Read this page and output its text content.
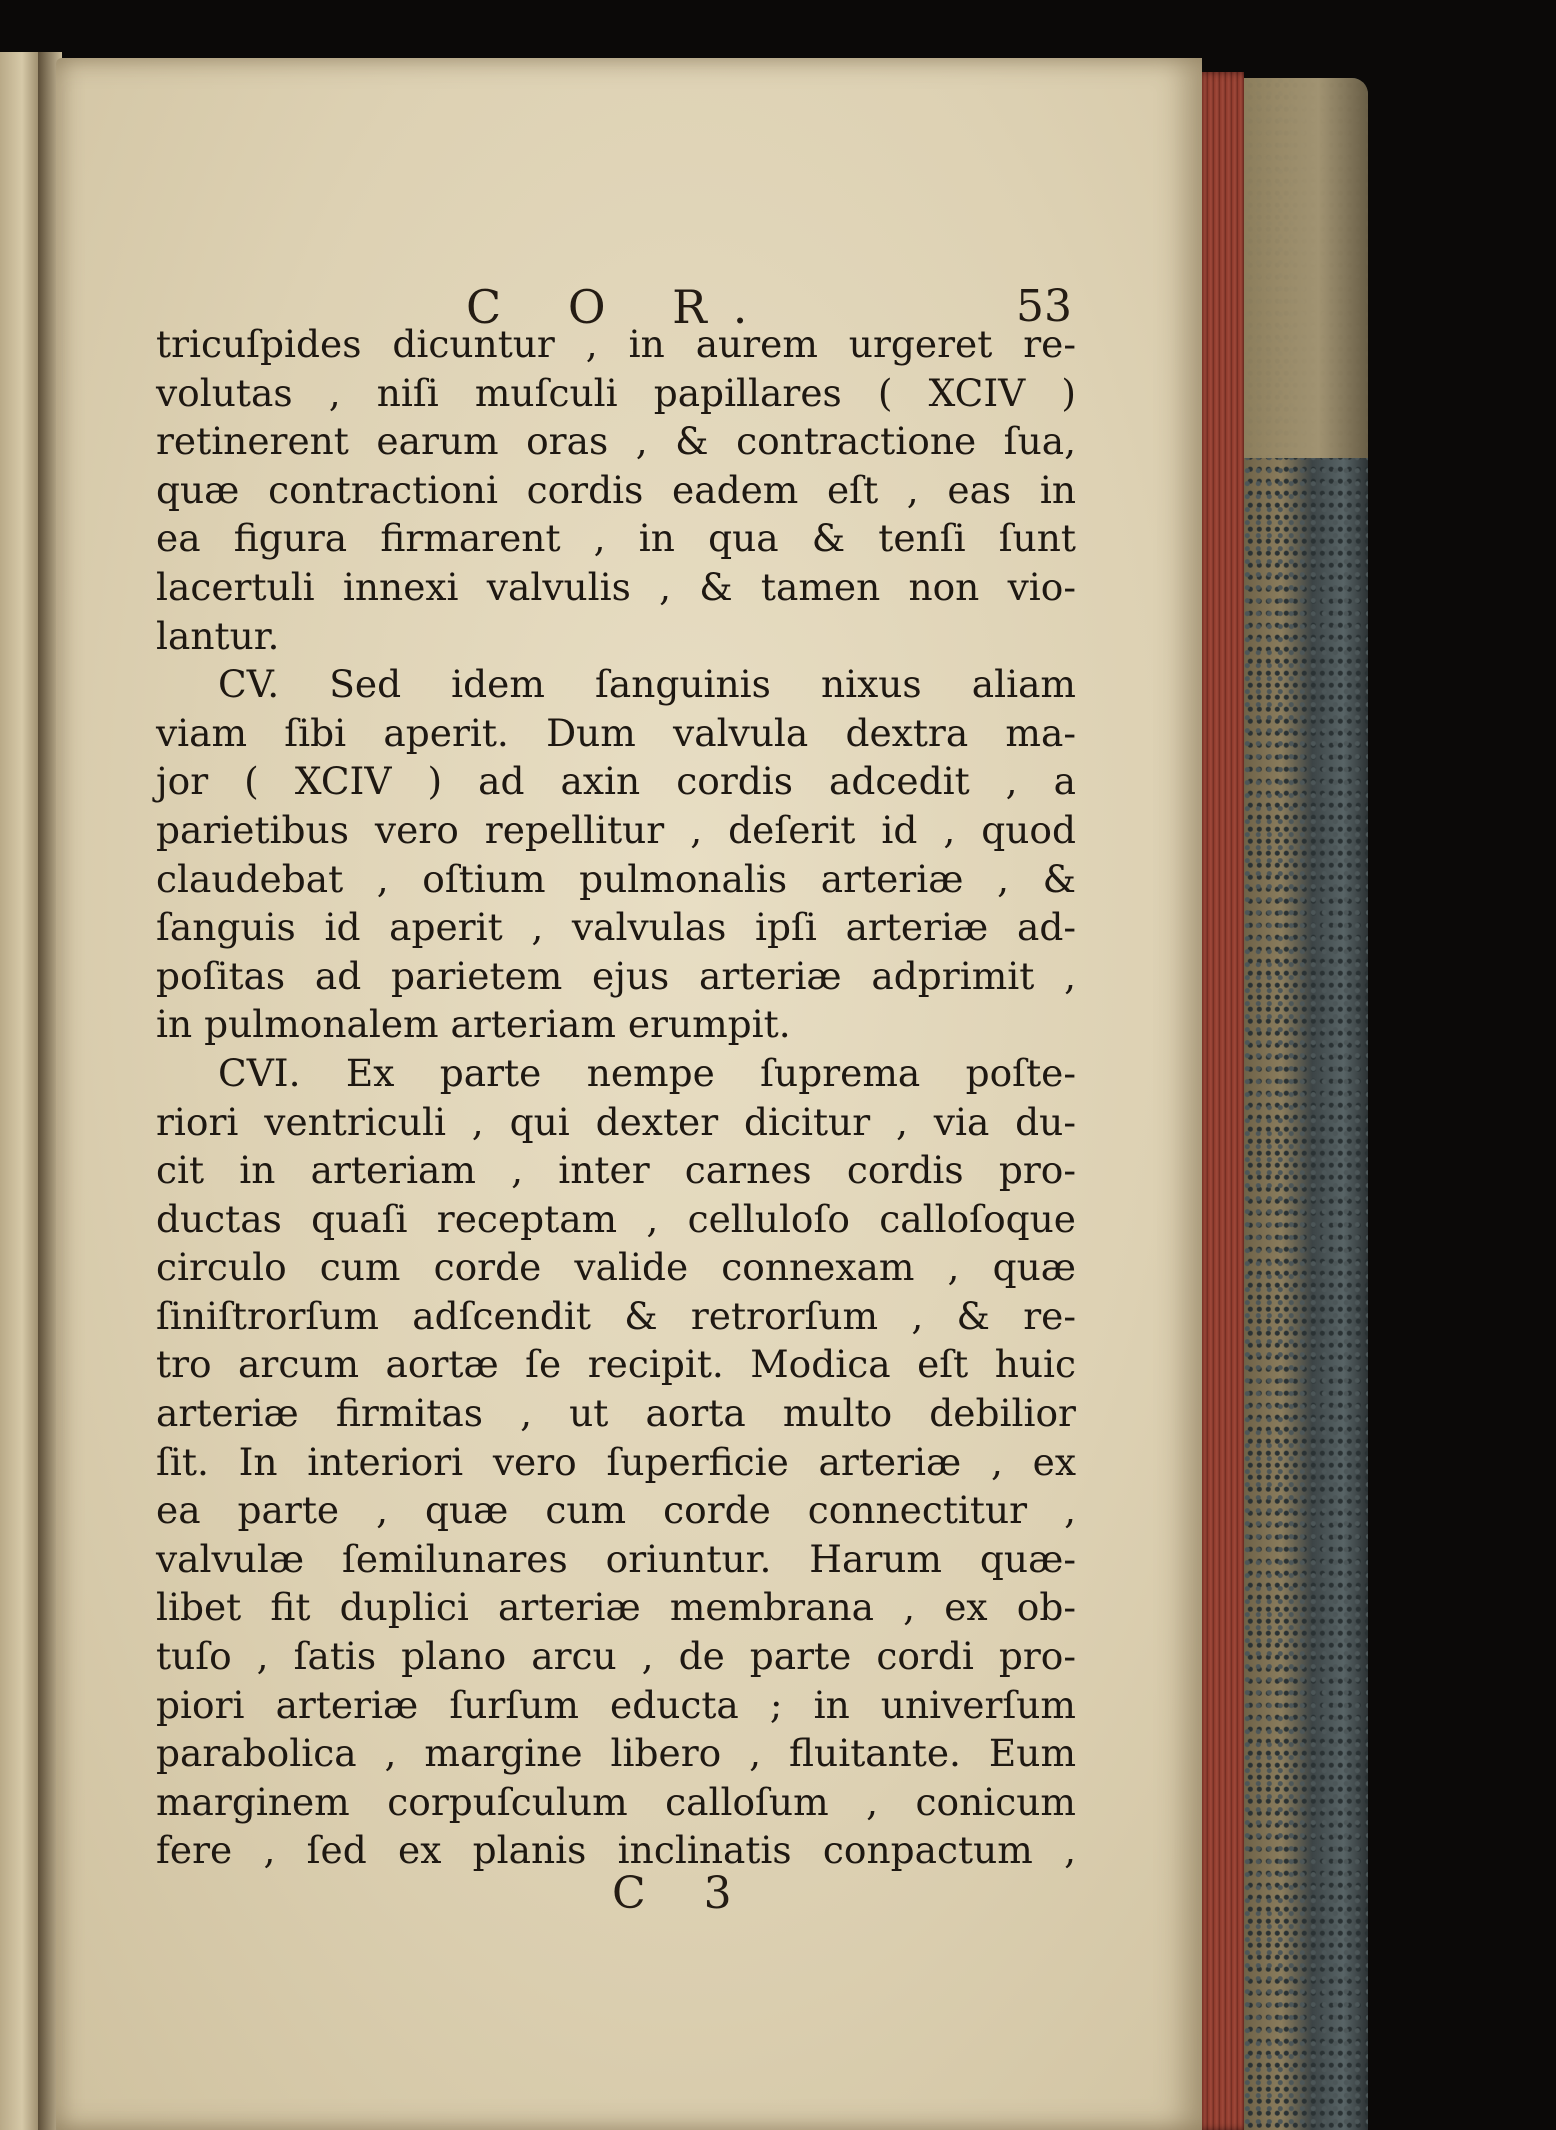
C O R.	53
tricuſpides dicuntur , in aurem urgeret re-
volutas , niſi muſculi papillares ( XCIV )
retinerent earum oras , & contractione ſua,
quæ contractioni cordis eadem eſt , eas in
ea figura firmarent , in qua & tenſi ſunt
lacertuli innexi valvulis , & tamen non vio-
lantur.
CV. Sed idem ſanguinis nixus aliam
viam ſibi aperit. Dum valvula dextra ma-
jor ( XCIV ) ad axin cordis adcedit , a
parietibus vero repellitur , deſerit id , quod
claudebat , oſtium pulmonalis arteriæ , &
ſanguis id aperit , valvulas ipſi arteriæ ad-
poſitas ad parietem ejus arteriæ adprimit ,
in pulmonalem arteriam erumpit.
CVI. Ex parte nempe ſuprema poſte-
riori ventriculi , qui dexter dicitur , via du-
cit in arteriam , inter carnes cordis pro-
ductas quaſi receptam , celluloſo calloſoque
circulo cum corde valide connexam , quæ
ſiniſtrorſum adſcendit & retrorſum , & re-
tro arcum aortæ ſe recipit. Modica eſt huic
arteriæ firmitas , ut aorta multo debilior
ſit. In interiori vero ſuperficie arteriæ , ex
ea parte , quæ cum corde connectitur ,
valvulæ ſemilunares oriuntur. Harum quæ-
libet fit duplici arteriæ membrana , ex ob-
tuſo , ſatis plano arcu , de parte cordi pro-
piori arteriæ ſurſum educta ; in univerſum
parabolica , margine libero , fluitante. Eum
marginem corpuſculum calloſum , conicum
fere , ſed ex planis inclinatis conpactum ,
C 3
